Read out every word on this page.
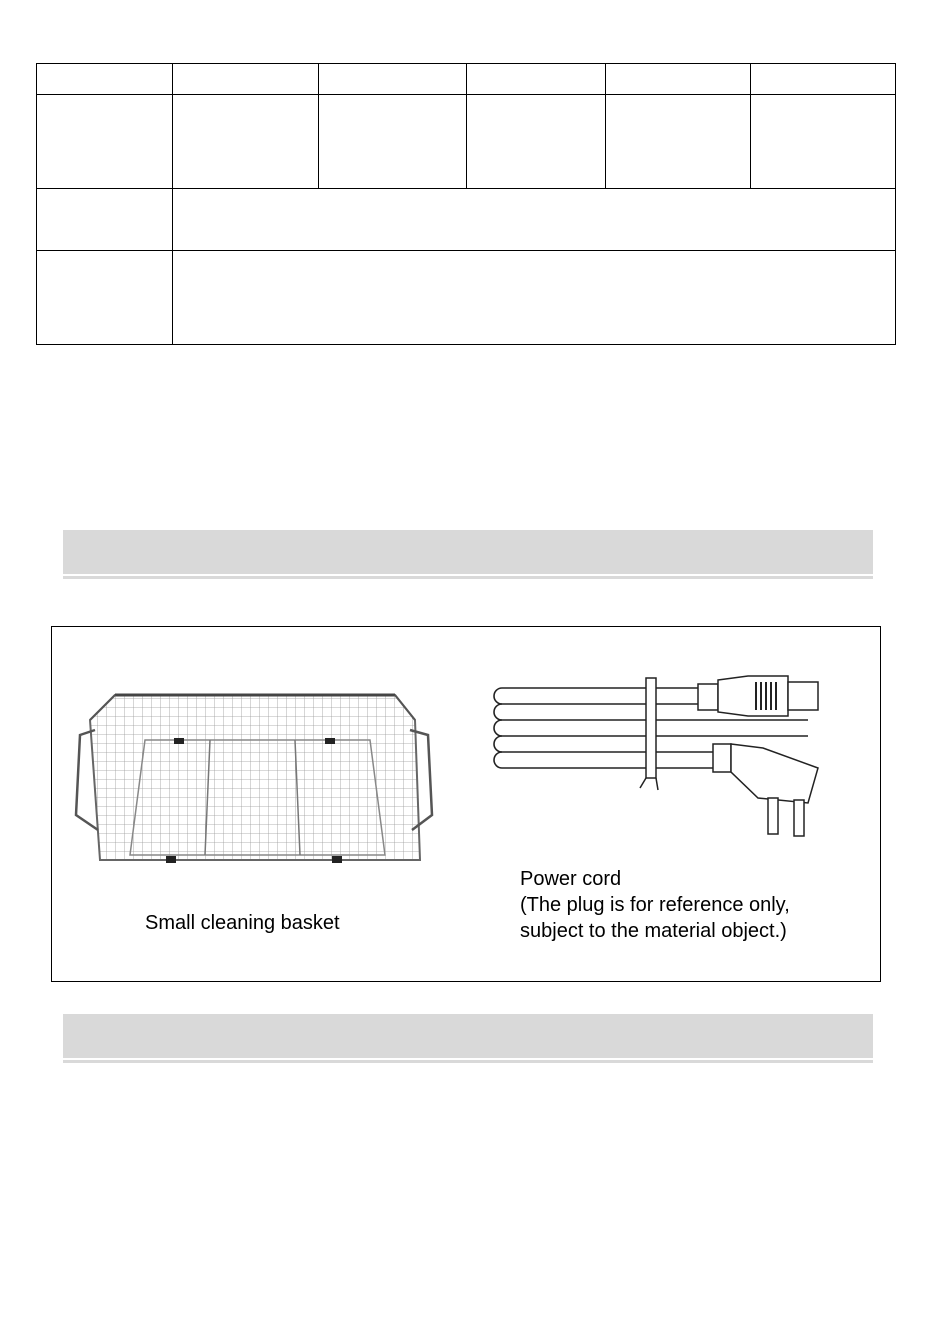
Small cleaning basket
Power cord
(The plug is for reference only,
subject to the material object.)
